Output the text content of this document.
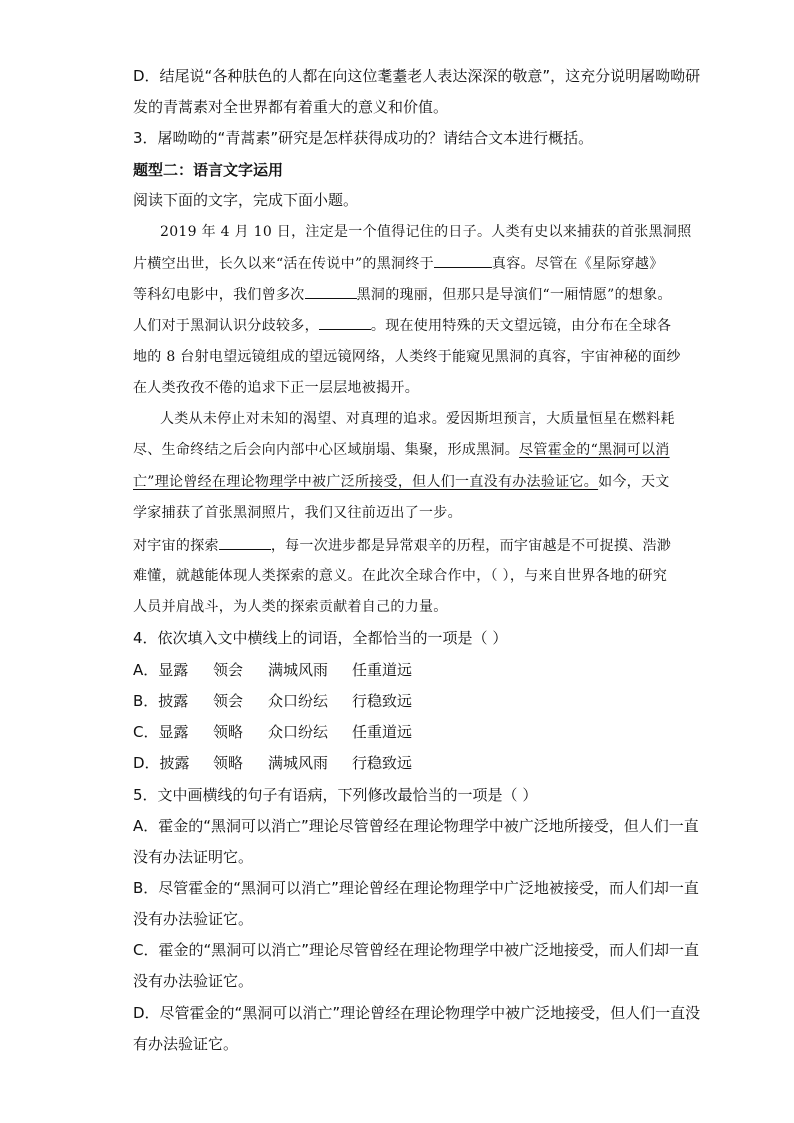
D．结尾说“各种肤色的人都在向这位耄耋老人表达深深的敬意”，这充分说明屠呦呦研
发的青蒿素对全世界都有着重大的意义和价值。
3．屠呦呦的“青蒿素”研究是怎样获得成功的？请结合文本进行概括。
题型二：语言文字运用
阅读下面的文字，完成下面小题。
2019 年 4 月 10 日，注定是一个值得记住的日子。人类有史以来捕获的首张黑洞照
片横空出世，长久以来“活在传说中”的黑洞终于	真容。尽管在《星际穿越》
等科幻电影中，我们曾多次	黑洞的瑰丽，但那只是导演们“一厢情愿”的想象。
人们对于黑洞认识分歧较多，	。现在使用特殊的天文望远镜，由分布在全球各
地的 8 台射电望远镜组成的望远镜网络，人类终于能窥见黑洞的真容，宇宙神秘的面纱
在人类孜孜不倦的追求下正一层层地被揭开。
人类从未停止对未知的渴望、对真理的追求。爱因斯坦预言，大质量恒星在燃料耗
尽、生命终结之后会向内部中心区域崩塌、集聚，形成黑洞。尽管霍金的“黑洞可以消
亡”理论曾经在理论物理学中被广泛所接受，但人们一直没有办法验证它。如今，天文
学家捕获了首张黑洞照片，我们又往前迈出了一步。
对宇宙的探索	，每一次进步都是异常艰辛的历程，而宇宙越是不可捉摸、浩渺
难懂，就越能体现人类探索的意义。在此次全球合作中，（ ），与来自世界各地的研究
人员并肩战斗，为人类的探索贡献着自己的力量。
4．依次填入文中横线上的词语，全都恰当的一项是（ ）
A．显露 领会 满城风雨 任重道远
B．披露 领会 众口纷纭 行稳致远
C．显露 领略 众口纷纭 任重道远
D．披露 领略 满城风雨 行稳致远
5．文中画横线的句子有语病，下列修改最恰当的一项是（ ）
A．霍金的“黑洞可以消亡”理论尽管曾经在理论物理学中被广泛地所接受，但人们一直
没有办法证明它。
B．尽管霍金的“黑洞可以消亡”理论曾经在理论物理学中广泛地被接受，而人们却一直
没有办法验证它。
C．霍金的“黑洞可以消亡”理论尽管曾经在理论物理学中被广泛地接受，而人们却一直
没有办法验证它。
D．尽管霍金的“黑洞可以消亡”理论曾经在理论物理学中被广泛地接受，但人们一直没
有办法验证它。
